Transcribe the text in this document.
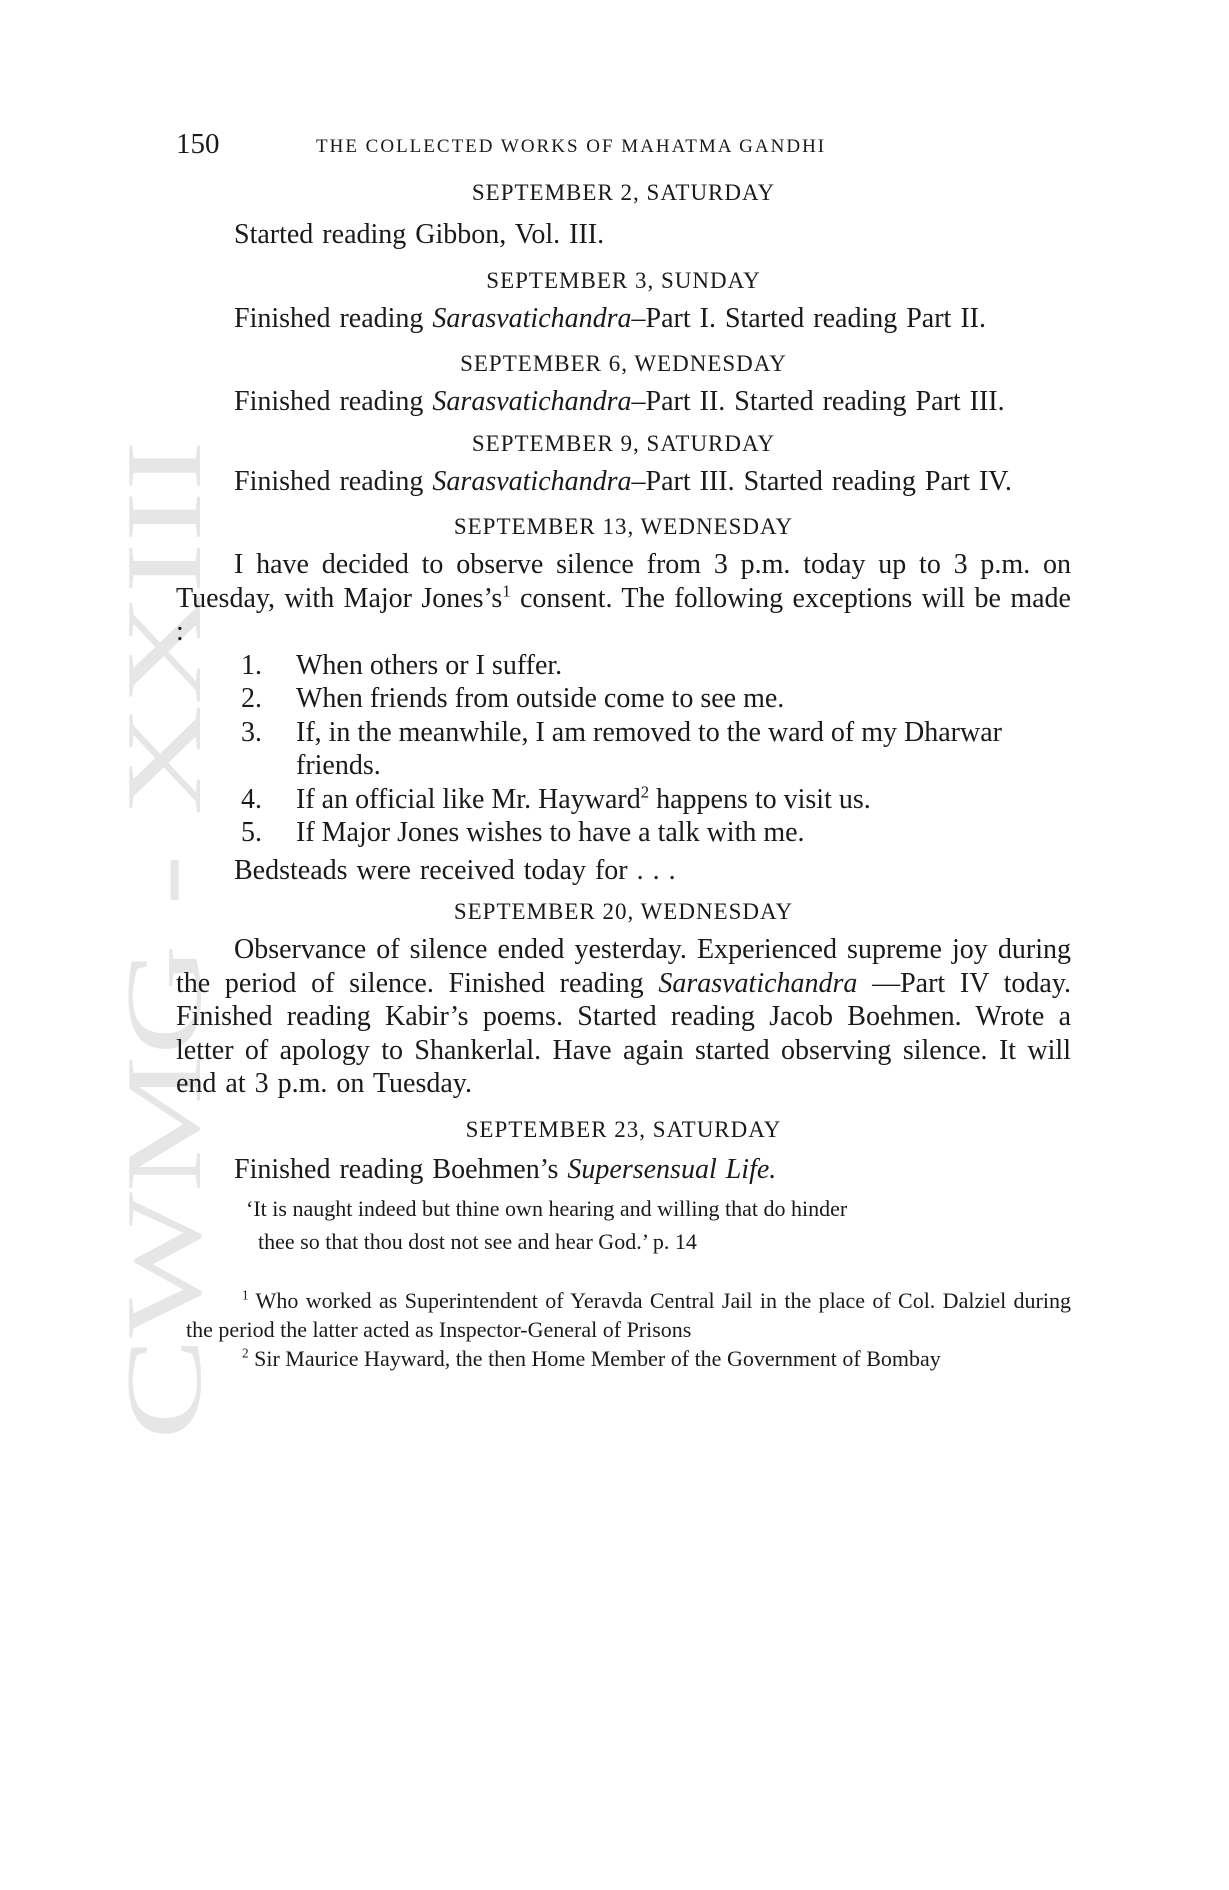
CWMG - XXIII
150	THE COLLECTED WORKS OF MAHATMA GANDHI

SEPTEMBER 2, SATURDAY

Started reading Gibbon, Vol. III.

SEPTEMBER 3, SUNDAY

Finished reading Sarasvatichandra–Part I. Started reading Part II.

SEPTEMBER 6, WEDNESDAY

Finished reading Sarasvatichandra–Part II. Started reading Part III.

SEPTEMBER 9, SATURDAY

Finished reading Sarasvatichandra–Part III. Started reading Part IV.

SEPTEMBER 13, WEDNESDAY

I have decided to observe silence from 3 p.m. today up to 3 p.m. on Tuesday, with Major $Jones’s^1$ consent. The following exceptions will be made :

1. When others or I suffer.
2. When friends from outside come to see me.
3. If, in the meanwhile, I am removed to the ward of my Dharwar friends.
4. If an official like Mr. Hayward$^2$ happens to visit us.
5. If Major Jones wishes to have a talk with me.

Bedsteads were received today for . . .

SEPTEMBER 20, WEDNESDAY

Observance of silence ended yesterday. Experienced supreme joy during the period of silence. Finished reading Sarasvatichandra —Part IV today. Finished reading Kabir’s poems. Started reading Jacob Boehmen. Wrote a letter of apology to Shankerlal. Have again started observing silence. It will end at 3 p.m. on Tuesday.

SEPTEMBER 23, SATURDAY

Finished reading Boehmen’s Supersensual Life.

‘It is naught indeed but thine own hearing and willing that do hinder
thee so that thou dost not see and hear God.’ p. 14

$^1$ Who worked as Superintendent of Yeravda Central Jail in the place of Col. Dalziel during the period the latter acted as Inspector-General of Prisons

$^2$ Sir Maurice Hayward, the then Home Member of the Government of Bombay
